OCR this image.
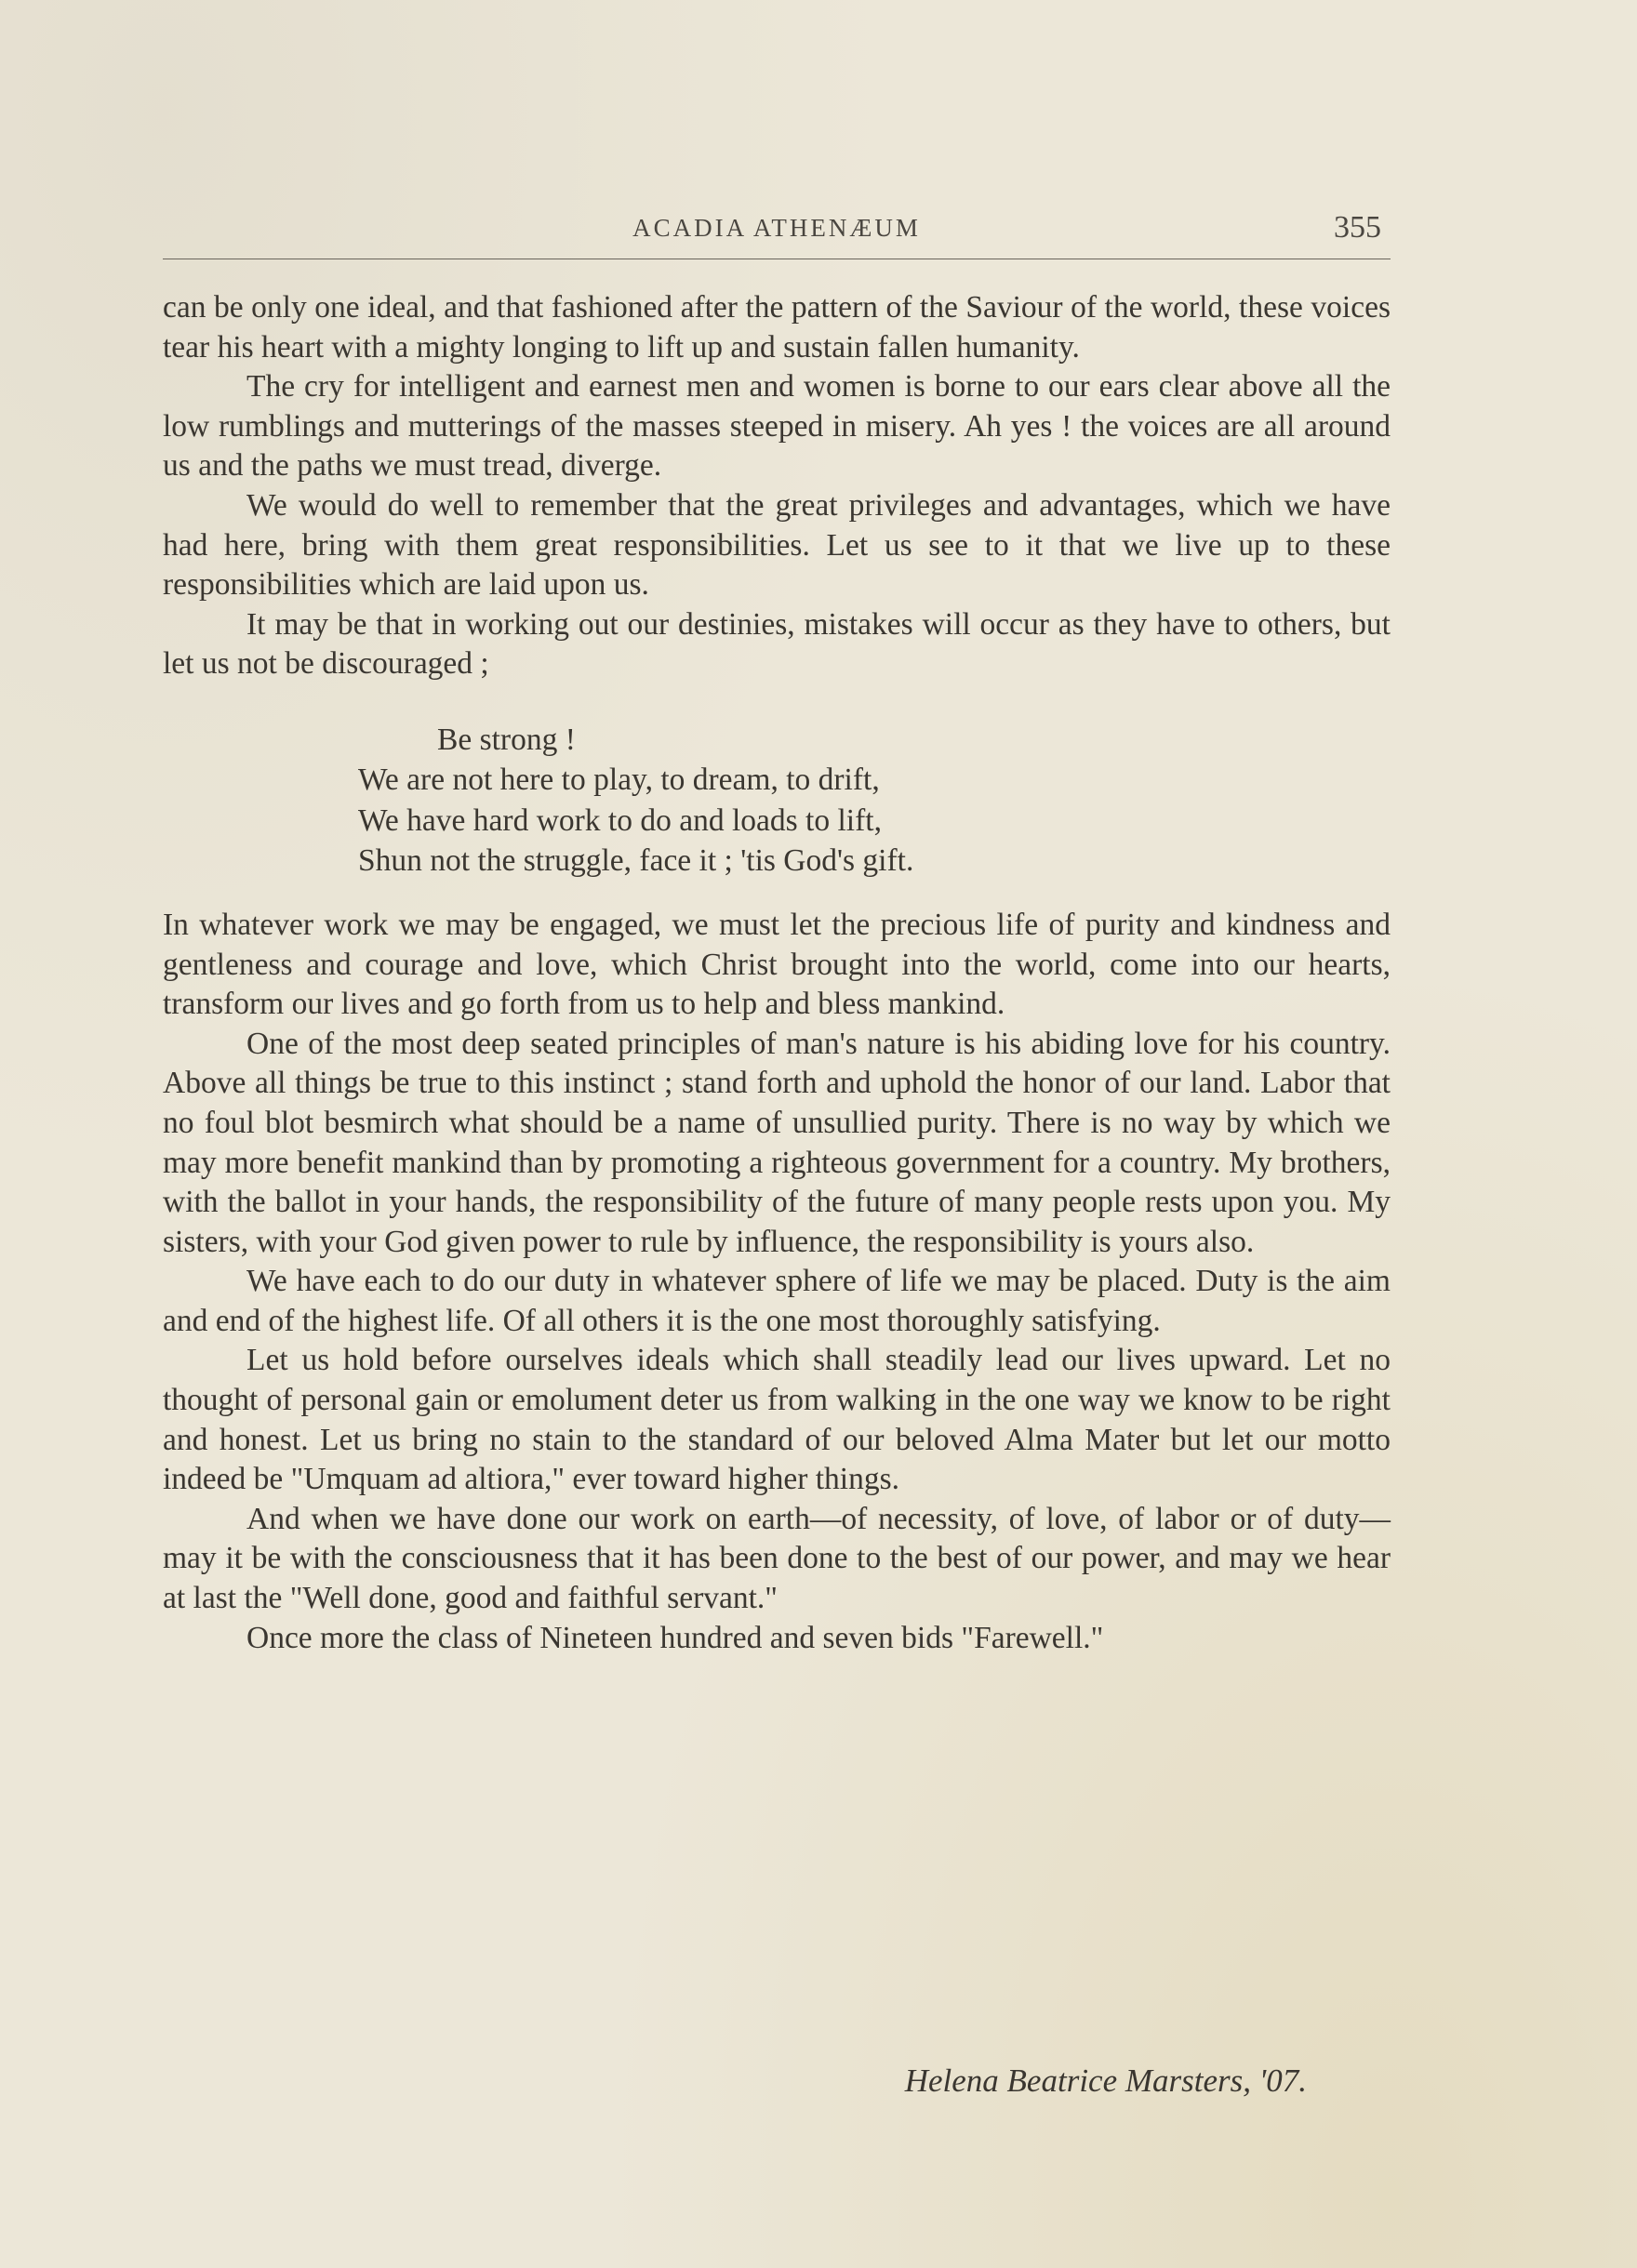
ACADIA ATHENÆUM	355

can be only one ideal, and that fashioned after the pattern of the Saviour of the world, these voices tear his heart with a mighty longing to lift up and sustain fallen humanity.

The cry for intelligent and earnest men and women is borne to our ears clear above all the low rumblings and mutterings of the masses steeped in misery. Ah yes ! the voices are all around us and the paths we must tread, diverge.

We would do well to remember that the great privileges and advantages, which we have had here, bring with them great responsibilities. Let us see to it that we live up to these responsibilities which are laid upon us.

It may be that in working out our destinies, mistakes will occur as they have to others, but let us not be discouraged ;

Be strong !
We are not here to play, to dream, to drift,
We have hard work to do and loads to lift,
Shun not the struggle, face it ; 'tis God's gift.

In whatever work we may be engaged, we must let the precious life of purity and kindness and gentleness and courage and love, which Christ brought into the world, come into our hearts, transform our lives and go forth from us to help and bless mankind.

One of the most deep seated principles of man's nature is his abiding love for his country. Above all things be true to this instinct ; stand forth and uphold the honor of our land. Labor that no foul blot besmirch what should be a name of unsullied purity. There is no way by which we may more benefit mankind than by promoting a righteous government for a country. My brothers, with the ballot in your hands, the responsibility of the future of many people rests upon you. My sisters, with your God given power to rule by influence, the responsibility is yours also.

We have each to do our duty in whatever sphere of life we may be placed. Duty is the aim and end of the highest life. Of all others it is the one most thoroughly satisfying.

Let us hold before ourselves ideals which shall steadily lead our lives upward. Let no thought of personal gain or emolument deter us from walking in the one way we know to be right and honest. Let us bring no stain to the standard of our beloved Alma Mater but let our motto indeed be "Umquam ad altiora," ever toward higher things.

And when we have done our work on earth—of necessity, of love, of labor or of duty—may it be with the consciousness that it has been done to the best of our power, and may we hear at last the "Well done, good and faithful servant."

Once more the class of Nineteen hundred and seven bids "Farewell."

Helena Beatrice Marsters, '07.
